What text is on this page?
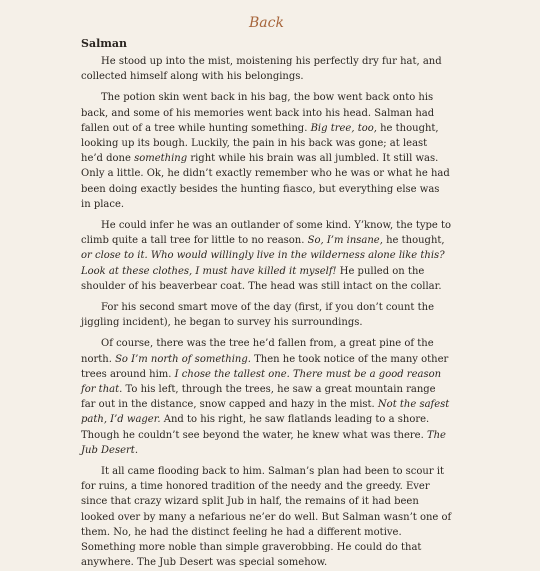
Back
Salman

He stood up into the mist, moistening his perfectly dry fur hat, and collected himself along with his belongings.

The potion skin went back in his bag, the bow went back onto his back, and some of his memories went back into his head. Salman had fallen out of a tree while hunting something. Big tree, too, he thought, looking up its bough. Luckily, the pain in his back was gone; at least he’d done something right while his brain was all jumbled. It still was. Only a little. Ok, he didn’t exactly remember who he was or what he had been doing exactly besides the hunting fiasco, but everything else was in place.

He could infer he was an outlander of some kind. Y’know, the type to climb quite a tall tree for little to no reason. So, I’m insane, he thought, or close to it. Who would willingly live in the wilderness alone like this? Look at these clothes, I must have killed it myself! He pulled on the shoulder of his beaverbear coat. The head was still intact on the collar.

For his second smart move of the day (first, if you don’t count the jiggling incident), he began to survey his surroundings.

Of course, there was the tree he’d fallen from, a great pine of the north. So I’m north of something. Then he took notice of the many other trees around him. I chose the tallest one. There must be a good reason for that. To his left, through the trees, he saw a great mountain range far out in the distance, snow capped and hazy in the mist. Not the safest path, I’d wager. And to his right, he saw flatlands leading to a shore. Though he couldn’t see beyond the water, he knew what was there. The Jub Desert.

It all came flooding back to him. Salman’s plan had been to scour it for ruins, a time honored tradition of the needy and the greedy. Ever since that crazy wizard split Jub in half, the remains of it had been looked over by many a nefarious ne’er do well. But Salman wasn’t one of them. No, he had the distinct feeling he had a different motive. Something more noble than simple graverobbing. He could do that anywhere. The Jub Desert was special somehow.
